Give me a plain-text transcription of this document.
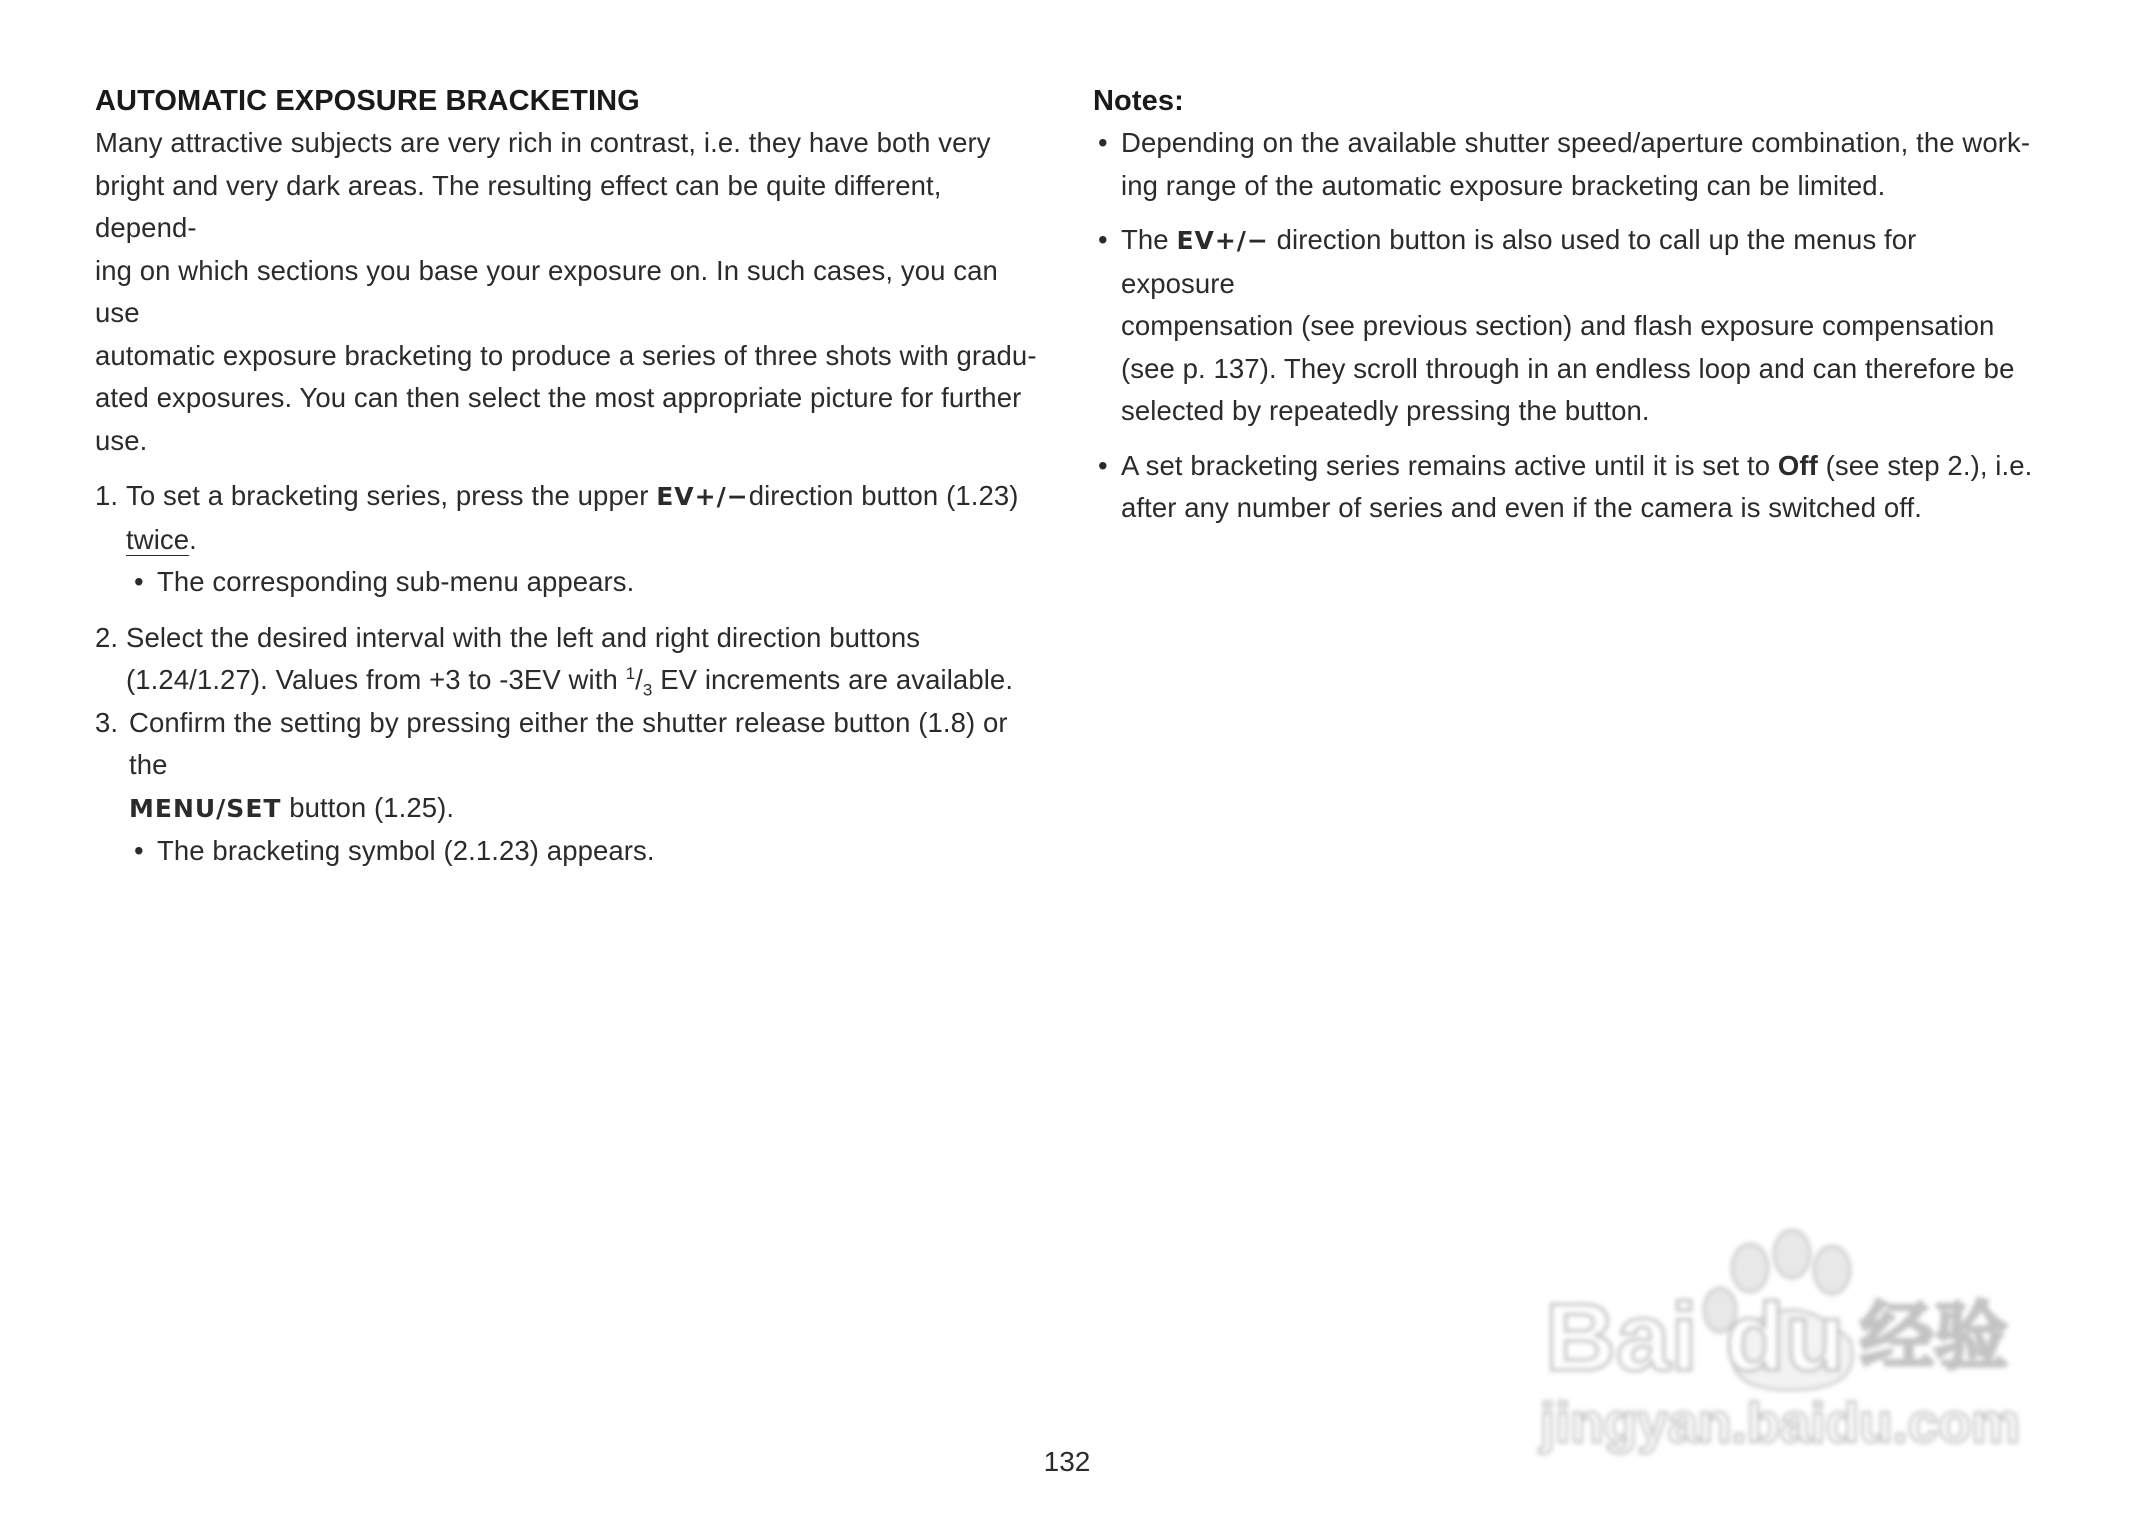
AUTOMATIC EXPOSURE BRACKETING
Many attractive subjects are very rich in contrast, i.e. they have both very
bright and very dark areas. The resulting effect can be quite different, depend-
ing on which sections you base your exposure on. In such cases, you can use
automatic exposure bracketing to produce a series of three shots with gradu-
ated exposures. You can then select the most appropriate picture for further
use.
1. To set a bracketing series, press the upper EV+/−direction button (1.23)
twice.
• The corresponding sub-menu appears.
2. Select the desired interval with the left and right direction buttons
(1.24/1.27). Values from +3 to -3EV with $^1/_3$ EV increments are available.
3. Confirm the setting by pressing either the shutter release button (1.8) or the
MENU/SET button (1.25).
• The bracketing symbol (2.1.23) appears.
Notes:
• Depending on the available shutter speed/aperture combination, the work-
ing range of the automatic exposure bracketing can be limited.
• The EV+/− direction button is also used to call up the menus for exposure
compensation (see previous section) and flash exposure compensation
(see p. 137). They scroll through in an endless loop and can therefore be
selected by repeatedly pressing the button.
• A set bracketing series remains active until it is set to Off (see step 2.), i.e.
after any number of series and even if the camera is switched off.
132
Bai du 经验
jingyan.baidu.com
